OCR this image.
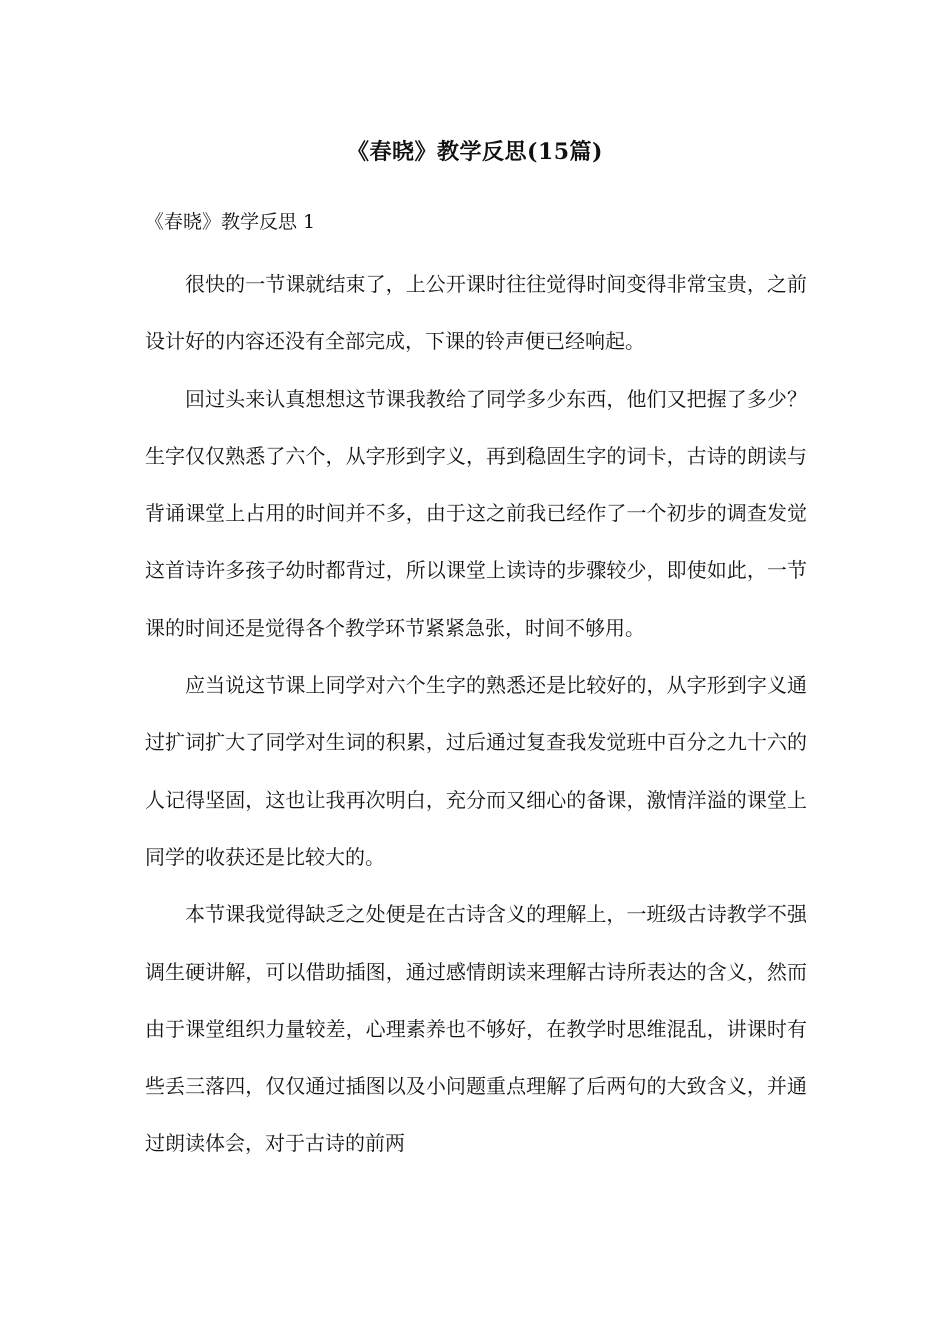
《春晓》教学反思(15篇)
《春晓》教学反思 1

很快的一节课就结束了，上公开课时往往觉得时间变得非常宝贵，之前设计好的内容还没有全部完成，下课的铃声便已经响起。

回过头来认真想想这节课我教给了同学多少东西，他们又把握了多少？生字仅仅熟悉了六个，从字形到字义，再到稳固生字的词卡，古诗的朗读与背诵课堂上占用的时间并不多，由于这之前我已经作了一个初步的调查发觉这首诗许多孩子幼时都背过，所以课堂上读诗的步骤较少，即使如此，一节课的时间还是觉得各个教学环节紧紧急张，时间不够用。

应当说这节课上同学对六个生字的熟悉还是比较好的，从字形到字义通过扩词扩大了同学对生词的积累，过后通过复查我发觉班中百分之九十六的人记得坚固，这也让我再次明白，充分而又细心的备课，激情洋溢的课堂上同学的收获还是比较大的。

本节课我觉得缺乏之处便是在古诗含义的理解上，一班级古诗教学不强调生硬讲解，可以借助插图，通过感情朗读来理解古诗所表达的含义，然而由于课堂组织力量较差，心理素养也不够好，在教学时思维混乱，讲课时有些丢三落四，仅仅通过插图以及小问题重点理解了后两句的大致含义，并通过朗读体会，对于古诗的前两
